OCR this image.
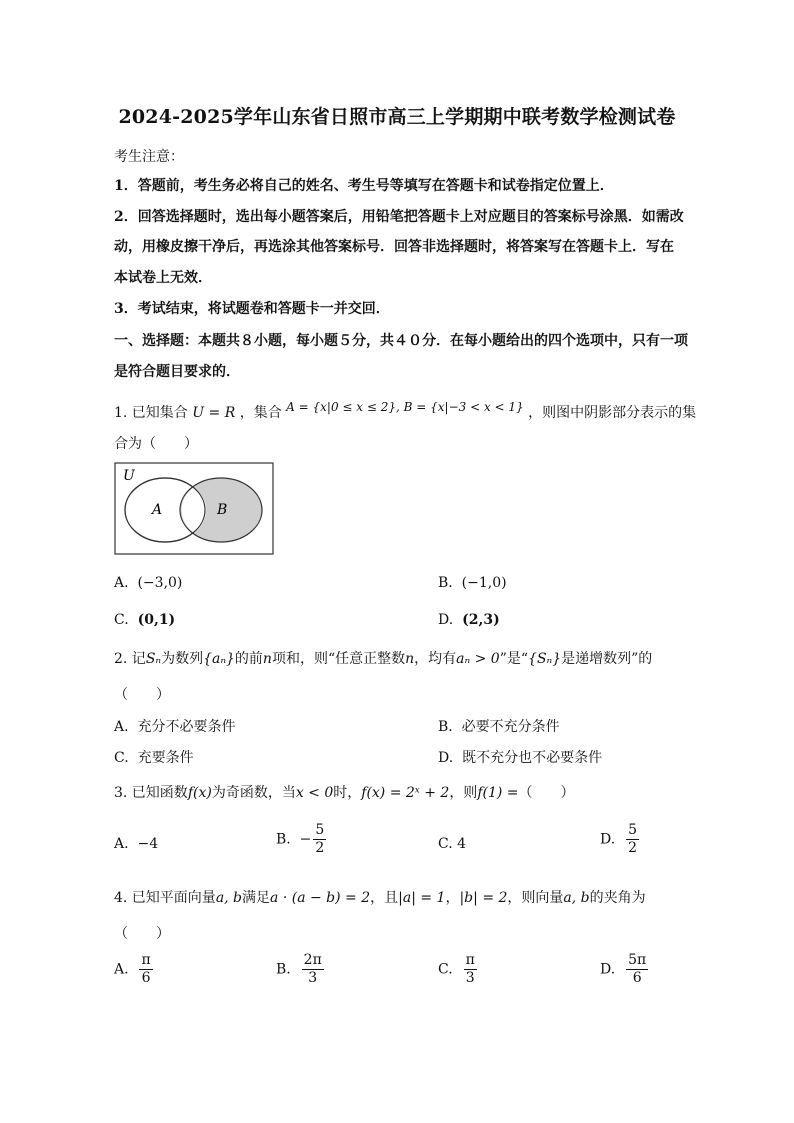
2024-2025学年山东省日照市高三上学期期中联考数学检测试卷
考生注意：
1．答题前，考生务必将自己的姓名、考生号等填写在答题卡和试卷指定位置上．
2．回答选择题时，选出每小题答案后，用铅笔把答题卡上对应题目的答案标号涂黑．如需改
动，用橡皮擦干净后，再选涂其他答案标号．回答非选择题时，将答案写在答题卡上．写在
本试卷上无效．
3．考试结束，将试题卷和答题卡一并交回．
一、选择题：本题共８小题，每小题５分，共４０分．在每小题给出的四个选项中，只有一项
是符合题目要求的．
1. 已知集合 U = R ，集合 A = {x|0 ≤ x ≤ 2}, B = {x|−3 < x < 1} ，则图中阴影部分表示的集
合为（　　）
U
A	B
A. (−3,0)	B. (−1,0)
C. (0,1)	D. (2,3)
2. 记Sₙ为数列{aₙ}的前n项和，则“任意正整数n，均有aₙ > 0”是“{Sₙ}是递增数列”的
（　　）
A. 充分不必要条件	B. 必要不充分条件
C. 充要条件	D. 既不充分也不必要条件
3. 已知函数f(x)为奇函数，当x < 0时，f(x) = 2ˣ + 2，则f(1) =（　　）
A. −4	B. − $\frac{5}{2}$	C. 4	D. $\frac{5}{2}$
4. 已知平面向量a, b满足a · (a − b) = 2，且|a| = 1，|b| = 2，则向量a, b的夹角为
（　　）
A. $\frac{\pi}{6}$	B. $\frac{2\pi}{3}$	C. $\frac{\pi}{3}$	D. $\frac{5\pi}{6}$
